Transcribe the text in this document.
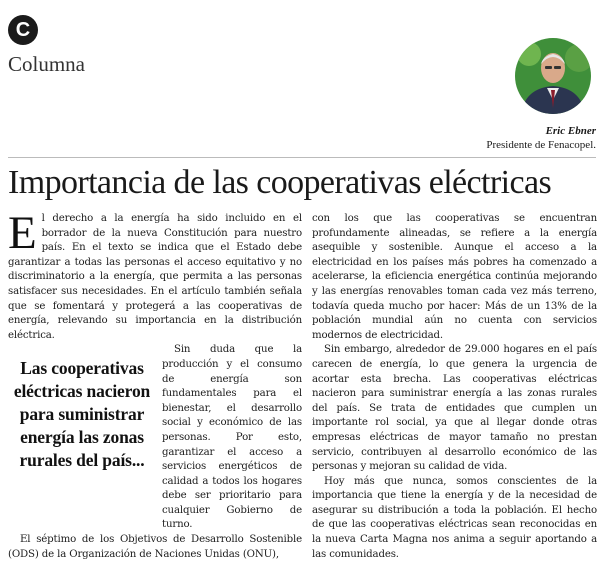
C
Columna
Eric Ebner
Presidente de Fenacopel.
Importancia de las cooperativas eléctricas

El derecho a la energía ha sido incluido en el borrador de la nueva Constitución para nuestro país. En el texto se indica que el Estado debe garantizar a todas las personas el acceso equitativo y no discriminatorio a la energía, que permita a las personas satisfacer sus necesidades. En el artículo también señala que se fomentará y protegerá a las cooperativas de energía, relevando su importancia en la distribución eléctrica.

Las cooperativas eléctricas nacieron para suministrar energía las zonas rurales del país...

Sin duda que la producción y el consumo de energía son fundamentales para el bienestar, el desarrollo social y económico de las personas. Por esto, garantizar el acceso a servicios energéticos de calidad a todos los hogares debe ser prioritario para cualquier Gobierno de turno.

El séptimo de los Objetivos de Desarrollo Sostenible (ODS) de la Organización de Naciones Unidas (ONU),

con los que las cooperativas se encuentran profundamente alineadas, se refiere a la energía asequible y sostenible. Aunque el acceso a la electricidad en los países más pobres ha comenzado a acelerarse, la eficiencia energética continúa mejorando y las energías renovables toman cada vez más terreno, todavía queda mucho por hacer: Más de un 13% de la población mundial aún no cuenta con servicios modernos de electricidad.

Sin embargo, alrededor de 29.000 hogares en el país carecen de energía, lo que genera la urgencia de acortar esta brecha. Las cooperativas eléctricas nacieron para suministrar energía a las zonas rurales del país. Se trata de entidades que cumplen un importante rol social, ya que al llegar donde otras empresas eléctricas de mayor tamaño no prestan servicio, contribuyen al desarrollo económico de las personas y mejoran su calidad de vida.

Hoy más que nunca, somos conscientes de la importancia que tiene la energía y de la necesidad de asegurar su distribución a toda la población. El hecho de que las cooperativas eléctricas sean reconocidas en la nueva Carta Magna nos anima a seguir aportando a las comunidades.
